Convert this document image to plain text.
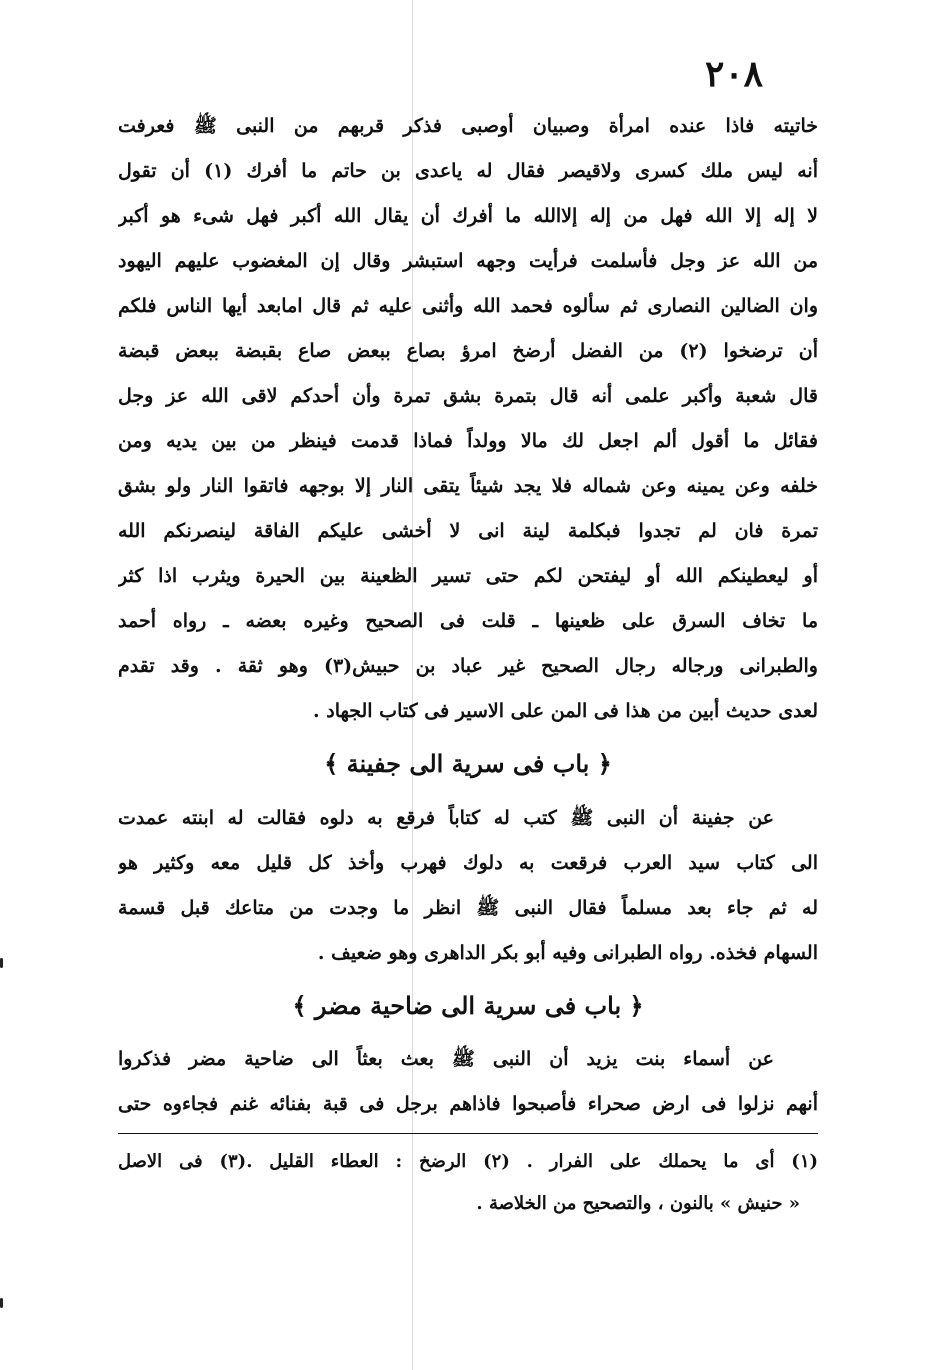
٢٠٨
خاتيته فاذا عنده امرأة وصبيان أوصبى فذكر قربهم من النبى ﷺ فعرفت
أنه ليس ملك كسرى ولاقيصر فقال له ياعدى بن حاتم ما أفرك (١) أن تقول
لا إله إلا الله فهل من إله إلاالله ما أفرك أن يقال الله أكبر فهل شىء هو أكبر
من الله عز وجل فأسلمت فرأيت وجهه استبشر وقال إن المغضوب عليهم اليهود
وان الضالين النصارى ثم سألوه فحمد الله وأثنى عليه ثم قال امابعد أيها الناس فلكم
أن ترضخوا (٢) من الفضل أرضخ امرؤ بصاع ببعض صاع بقبضة ببعض قبضة
قال شعبة وأكبر علمى أنه قال بتمرة بشق تمرة وأن أحدكم لاقى الله عز وجل
فقائل ما أقول ألم اجعل لك مالا وولداً فماذا قدمت فينظر من بين يديه ومن
خلفه وعن يمينه وعن شماله فلا يجد شيئاً يتقى النار إلا بوجهه فاتقوا النار ولو بشق
تمرة فان لم تجدوا فبكلمة لينة انى لا أخشى عليكم الفاقة لينصرنكم الله
أو ليعطينكم الله أو ليفتحن لكم حتى تسير الظعينة بين الحيرة ويثرب اذا كثر
ما تخاف السرق على ظعينها ـ قلت فى الصحيح وغيره بعضه ـ رواه أحمد
والطبرانى ورجاله رجال الصحيح غير عباد بن حبيش(٣) وهو ثقة . وقد تقدم
لعدى حديث أبين من هذا فى المن على الاسير فى كتاب الجهاد .
﴿ باب فى سرية الى جفينة ﴾
عن جفينة أن النبى ﷺ كتب له كتاباً فرقع به دلوه فقالت له ابنته عمدت
الى كتاب سيد العرب فرقعت به دلوك فهرب وأخذ كل قليل معه وكثير هو
له ثم جاء بعد مسلماً فقال النبى ﷺ انظر ما وجدت من متاعك قبل قسمة
السهام فخذه. رواه الطبرانى وفيه أبو بكر الداهرى وهو ضعيف .
﴿ باب فى سرية الى ضاحية مضر ﴾
عن أسماء بنت يزيد أن النبى ﷺ بعث بعثاً الى ضاحية مضر فذكروا
أنهم نزلوا فى ارض صحراء فأصبحوا فاذاهم برجل فى قبة بفنائه غنم فجاءوه حتى
(١) أى ما يحملك على الفرار . (٢) الرضخ : العطاء القليل .(٣) فى الاصل
« حنيش » بالنون ، والتصحيح من الخلاصة .
